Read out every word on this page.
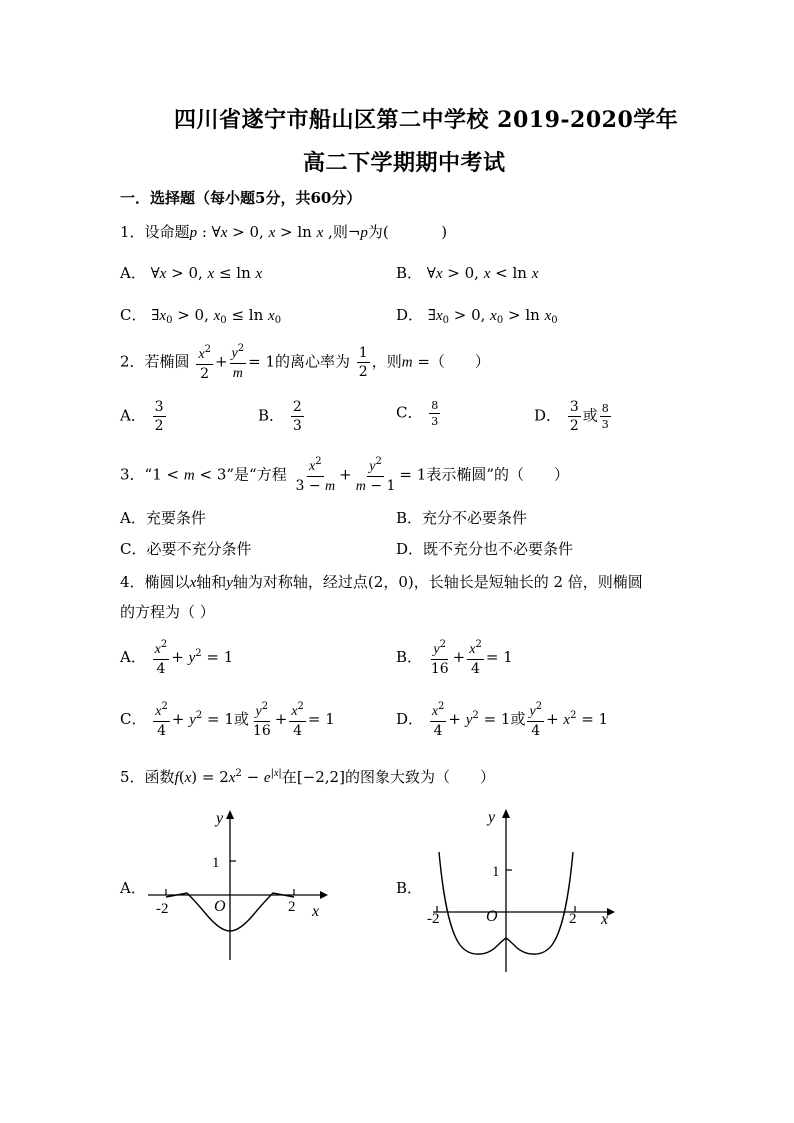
四川省遂宁市船山区第二中学校 2019-2020学年
高二下学期期中考试
一．选择题（每小题5分，共60分）
1．设命题p : ∀x > 0, x > ln x ,则¬p为(	)
A． ∀x > 0, x ≤ ln x	B． ∀x > 0, x < ln x
C． $\exists x_0 > 0$, $x_0 \le \ln x_0$	D． $\exists x_0 > 0$, $x_0 > \ln x_0$
2．若椭圆 $\frac{x^2}{2} + \frac{y^2}{m} = 1$的离心率为 $\frac{1}{2}$ ，则m =（　　）
A． $\frac{3}{2}$	B． $\frac{2}{3}$	C． $\frac{8}{3}$	D． $\frac{3}{2}$ 或 $\frac{8}{3}$
3．“1 < m < 3”是“方程 $\frac{x^2}{3 - m} + \frac{y^2}{m - 1} = 1$表示椭圆”的（　　）
A．充要条件	B．充分不必要条件
C．必要不充分条件	D．既不充分也不必要条件
4．椭圆以x轴和y轴为对称轴，经过点(2，0)，长轴长是短轴长的 2 倍，则椭圆
的方程为（ ）
A． $\frac{x^2}{4} + y^2 = 1$	B． $\frac{y^2}{16} + \frac{x^2}{4} = 1$
C． $\frac{x^2}{4} + y^2 = 1$或 $\frac{y^2}{16} + \frac{x^2}{4} = 1$	D． $\frac{x^2}{4} + y^2 = 1$或 $\frac{y^2}{4} + x^2 = 1$
5．函数$f(x) = 2x^2 - e^{|x|}$在[−2,2]的图象大致为（　　）
A．
y
1
-2	O	2 x
B．
y
1
-2	O	2 x
